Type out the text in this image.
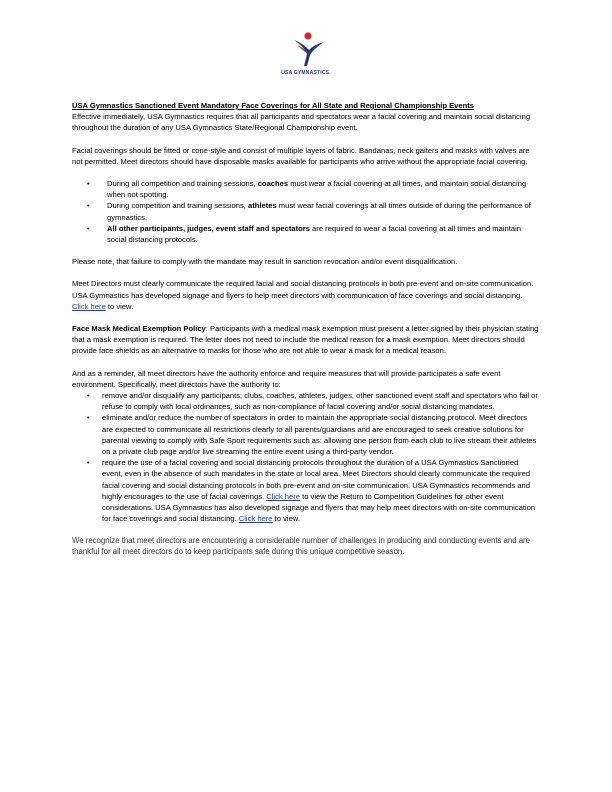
USA GYMNASTICS.

USA Gymnastics Sanctioned Event Mandatory Face Coverings for All State and Regional Championship Events

Effective immediately, USA Gymnastics requires that all participants and spectators wear a facial covering and maintain social distancing throughout the duration of any USA Gymnastics State/Regional Championship event.

Facial coverings should be fitted or cone-style and consist of multiple layers of fabric. Bandanas, neck gaiters and masks with valves are not permitted. Meet directors should have disposable masks available for participants who arrive without the appropriate facial covering.

• During all competition and training sessions, coaches must wear a facial covering at all times, and maintain social distancing when not spotting.
• During competition and training sessions, athletes must wear facial coverings at all times outside of during the performance of gymnastics.
• All other participants, judges, event staff and spectators are required to wear a facial covering at all times and maintain social distancing protocols.

Please note, that failure to comply with the mandate may result in sanction revocation and/or event disqualification.

Meet Directors must clearly communicate the required facial and social distancing protocols in both pre-event and on-site communication. USA Gymnastics has developed signage and flyers to help meet directors with communication of face coverings and social distancing. Click here to view.

Face Mask Medical Exemption Policy: Participants with a medical mask exemption must present a letter signed by their physician stating that a mask exemption is required. The letter does not need to include the medical reason for a mask exemption. Meet directors should provide face shields as an alternative to masks for those who are not able to wear a mask for a medical reason.

And as a reminder, all meet directors have the authority enforce and require measures that will provide participates a safe event environment. Specifically, meet directors have the authority to:

• remove and/or disqualify any participants; clubs, coaches, athletes, judges, other sanctioned event staff and spectators who fail or refuse to comply with local ordinances, such as non-compliance of facial covering and/or social distancing mandates.
• eliminate and/or reduce the number of spectators in order to maintain the appropriate social distancing protocol. Meet directors are expected to communicate all restrictions clearly to all parents/guardians and are encouraged to seek creative solutions for parental viewing to comply with Safe Sport requirements such as: allowing one person from each club to live stream their athletes on a private club page and/or live streaming the entire event using a third-party vendor.
• require the use of a facial covering and social distancing protocols throughout the duration of a USA Gymnastics Sanctioned event, even in the absence of such mandates in the state or local area. Meet Directors should clearly communicate the required facial covering and social distancing protocols in both pre-event and on-site communication. USA Gymnastics recommends and highly encourages to the use of facial coverings. Click here to view the Return to Competition Guidelines for other event considerations. USA Gymnastics has also developed signage and flyers that may help meet directors with on-site communication for face coverings and social distancing. Click here to view.

We recognize that meet directors are encountering a considerable number of challenges in producing and conducting events and are thankful for all meet directors do to keep participants safe during this unique competitive season.
